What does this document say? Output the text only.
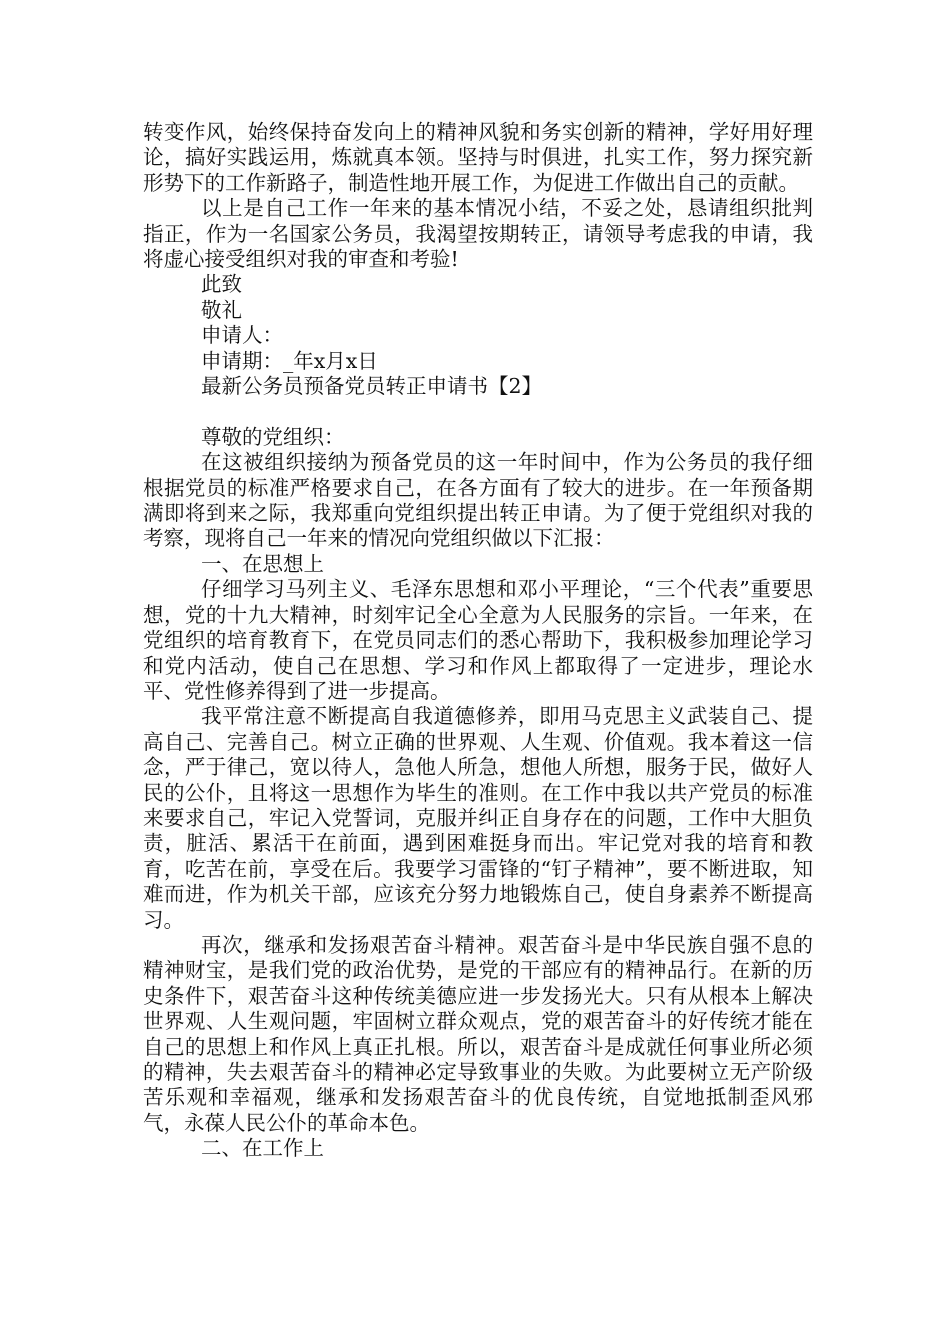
转变作风，始终保持奋发向上的精神风貌和务实创新的精神，学好用好理论，搞好实践运用，炼就真本领。坚持与时俱进，扎实工作，努力探究新形势下的工作新路子，制造性地开展工作，为促进工作做出自己的贡献。

以上是自己工作一年来的基本情况小结，不妥之处，恳请组织批判指正，作为一名国家公务员，我渴望按期转正，请领导考虑我的申请，我将虚心接受组织对我的审查和考验!

此致

敬礼

申请人：

申请期：_年x月x日

最新公务员预备党员转正申请书【2】

尊敬的党组织：

在这被组织接纳为预备党员的这一年时间中，作为公务员的我仔细根据党员的标准严格要求自己，在各方面有了较大的进步。在一年预备期满即将到来之际，我郑重向党组织提出转正申请。为了便于党组织对我的考察，现将自己一年来的情况向党组织做以下汇报：

一、在思想上

仔细学习马列主义、毛泽东思想和邓小平理论，“三个代表”重要思想，党的十九大精神，时刻牢记全心全意为人民服务的宗旨。一年来，在党组织的培育教育下，在党员同志们的悉心帮助下，我积极参加理论学习和党内活动，使自己在思想、学习和作风上都取得了一定进步，理论水平、党性修养得到了进一步提高。

我平常注意不断提高自我道德修养，即用马克思主义武装自己、提高自己、完善自己。树立正确的世界观、人生观、价值观。我本着这一信念，严于律己，宽以待人，急他人所急，想他人所想，服务于民，做好人民的公仆，且将这一思想作为毕生的准则。在工作中我以共产党员的标准来要求自己，牢记入党誓词，克服并纠正自身存在的问题，工作中大胆负责，脏活、累活干在前面，遇到困难挺身而出。牢记党对我的培育和教育，吃苦在前，享受在后。我要学习雷锋的“钉子精神”，要不断进取，知难而进，作为机关干部，应该充分努力地锻炼自己，使自身素养不断提高习。

再次，继承和发扬艰苦奋斗精神。艰苦奋斗是中华民族自强不息的精神财宝，是我们党的政治优势，是党的干部应有的精神品行。在新的历史条件下，艰苦奋斗这种传统美德应进一步发扬光大。只有从根本上解决世界观、人生观问题，牢固树立群众观点，党的艰苦奋斗的好传统才能在自己的思想上和作风上真正扎根。所以，艰苦奋斗是成就任何事业所必须的精神，失去艰苦奋斗的精神必定导致事业的失败。为此要树立无产阶级苦乐观和幸福观，继承和发扬艰苦奋斗的优良传统，自觉地抵制歪风邪气，永葆人民公仆的革命本色。

二、在工作上
